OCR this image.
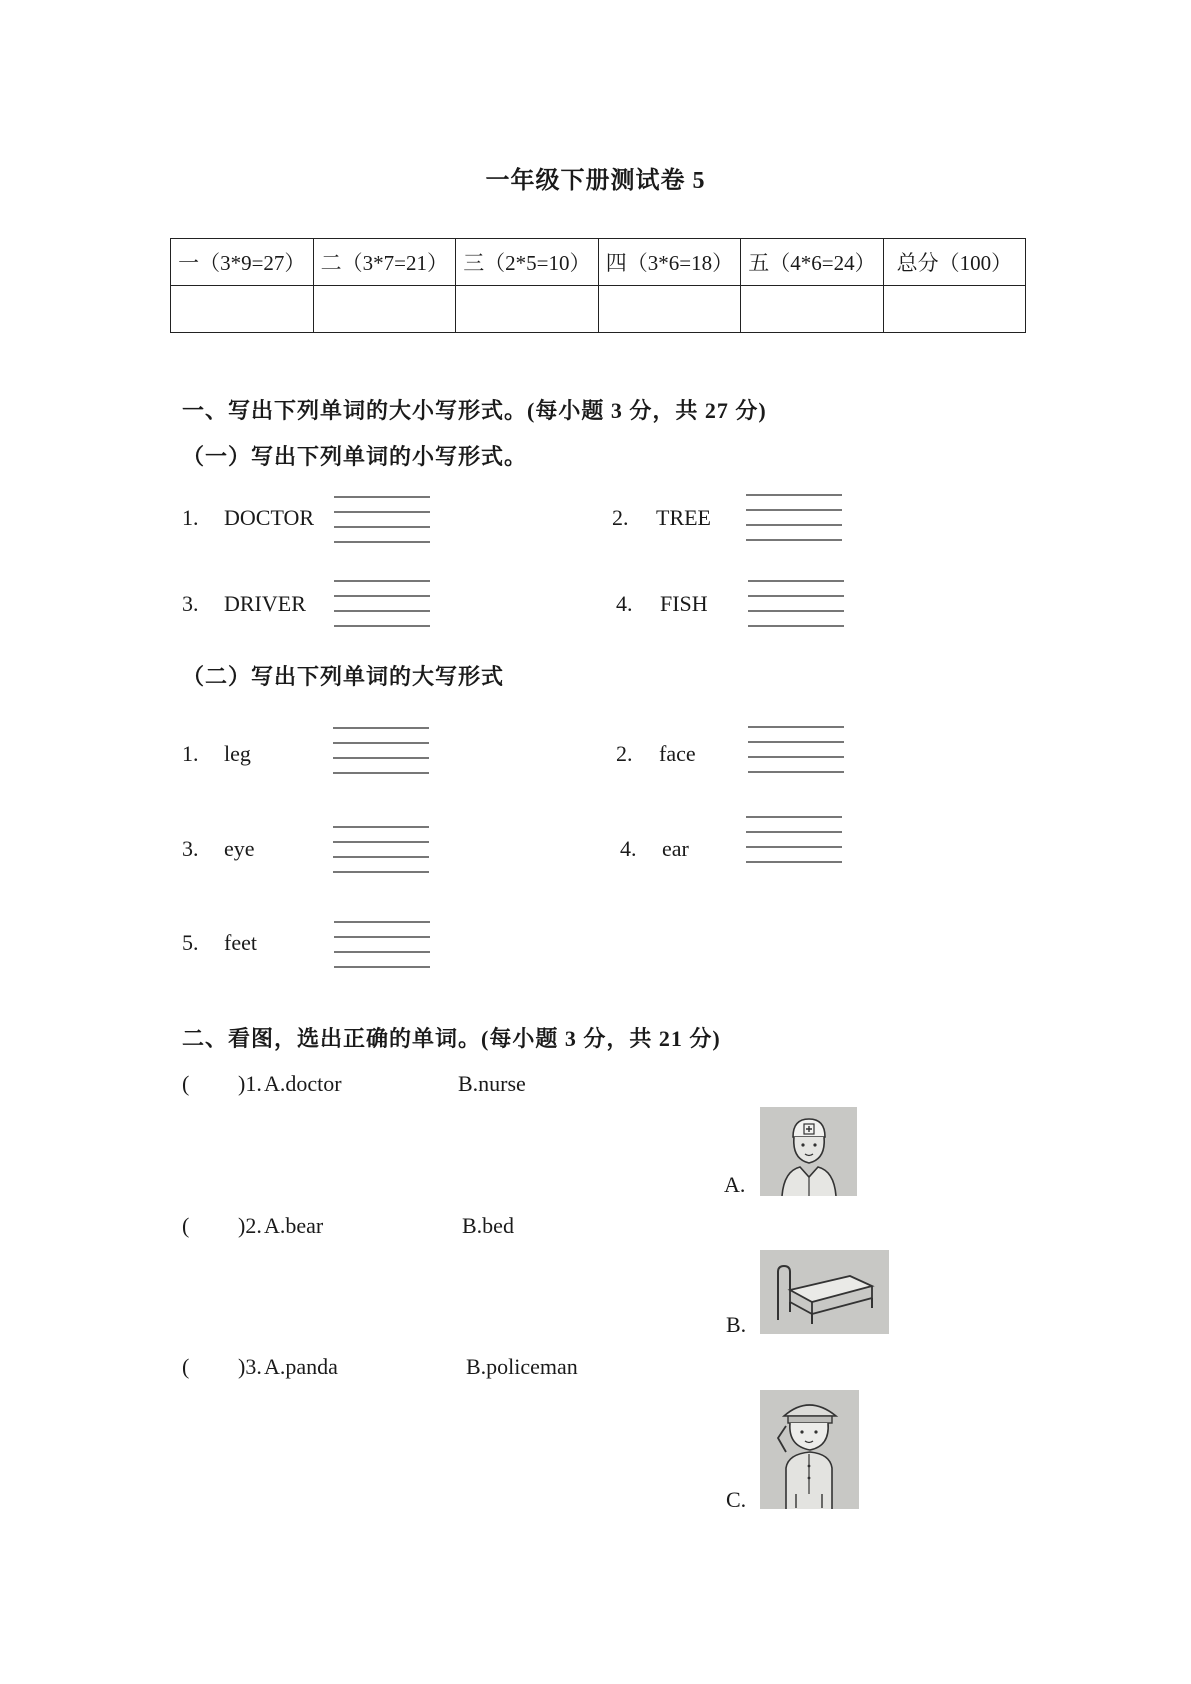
一年级下册测试卷 5
一（3*9=27）	二（3*7=21）	三（2*5=10）	四（3*6=18）	五（4*6=24）	总分（100）

一、写出下列单词的大小写形式。(每小题 3 分，共 27 分)
（一）写出下列单词的小写形式。
1. DOCTOR	2. TREE
3. DRIVER	4. FISH
（二）写出下列单词的大写形式
1. leg	2. face
3. eye	4. ear
5. feet
二、看图，选出正确的单词。(每小题 3 分，共 21 分)
( )1. A.doctor	B.nurse
( )2. A.bear	B.bed
( )3. A.panda	B.policeman
A.
B.
C.
